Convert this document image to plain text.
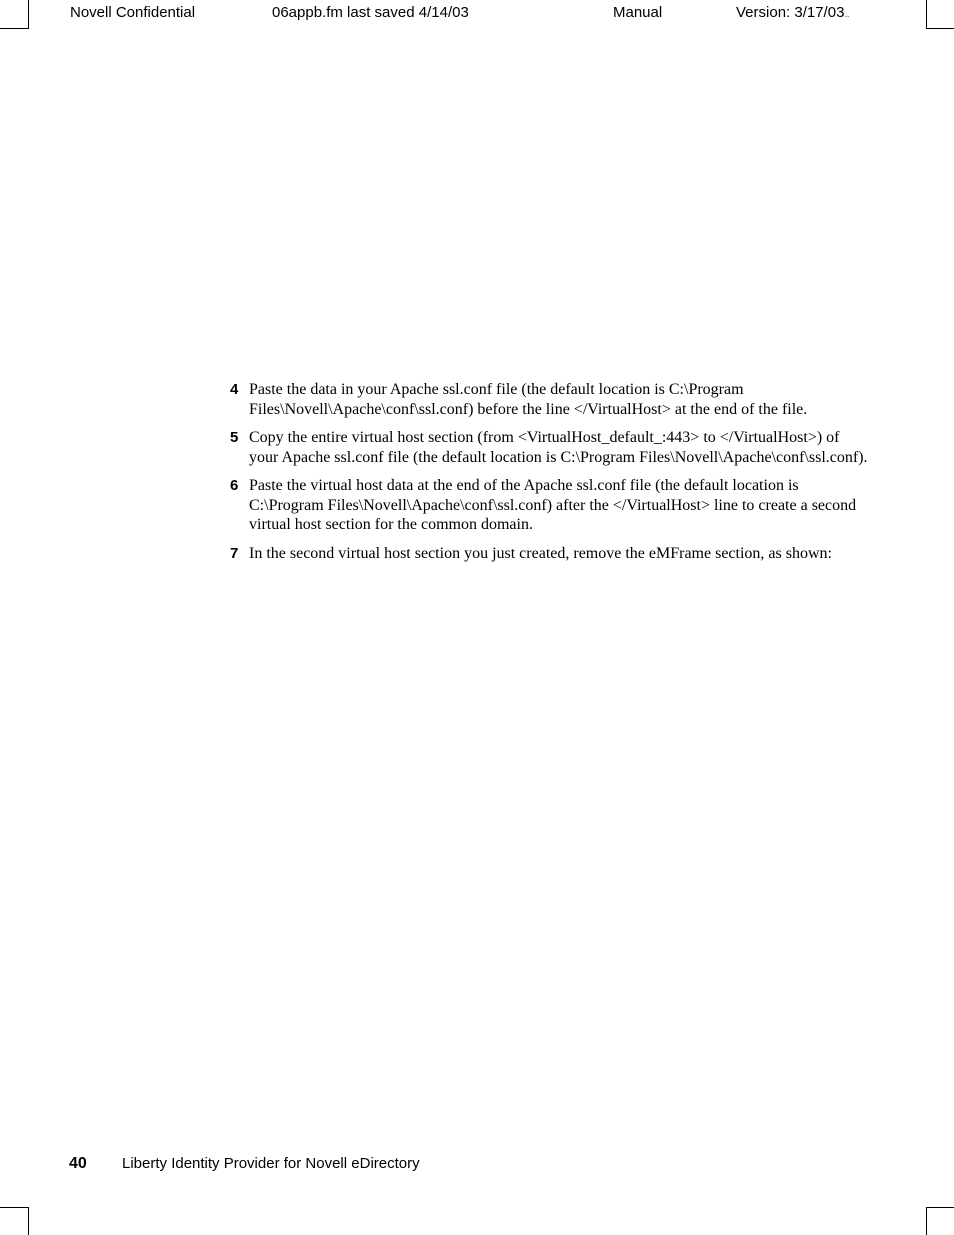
Novell Confidential	06appb.fm last saved 4/14/03	Manual	Version: 3/17/03...
4 Paste the data in your Apache ssl.conf file (the default location is C:\Program Files\Novell\Apache\conf\ssl.conf) before the line </VirtualHost> at the end of the file.
5 Copy the entire virtual host section (from <VirtualHost_default_:443> to </VirtualHost>) of your Apache ssl.conf file (the default location is C:\Program Files\Novell\Apache\conf\ssl.conf).
6 Paste the virtual host data at the end of the Apache ssl.conf file (the default location is C:\Program Files\Novell\Apache\conf\ssl.conf) after the </VirtualHost> line to create a second virtual host section for the common domain.
7 In the second virtual host section you just created, remove the eMFrame section, as shown:
40 Liberty Identity Provider for Novell eDirectory
